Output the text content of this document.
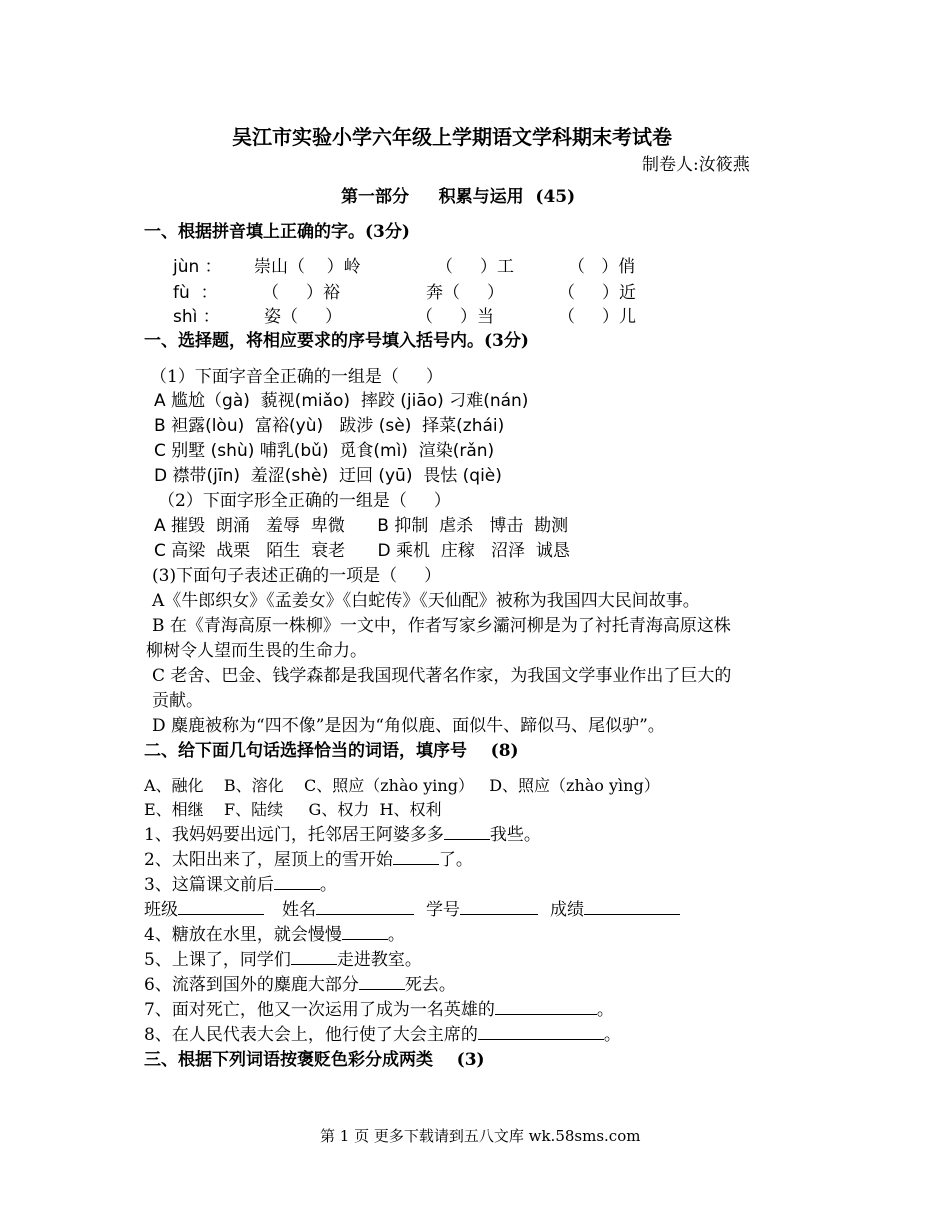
吴江市实验小学六年级上学期语文学科期末考试卷
制卷人:汝筱燕
第一部分     积累与运用  (45)
一、根据拼音填上正确的字。(3分)
jùn ： 崇山（    ）岭	（     ）工	（   ）俏
fù  ：	（     ）裕	奔（     ）	（     ）近
shì ：	姿（     ）	（     ）当	（     ）儿
一、选择题，将相应要求的序号填入括号内。(3分)
（1）下面字音全正确的一组是（     ）
A 尴尬（gà)  藐视(miǎo)  摔跤 (jiāo) 刁难(nán)
B 袒露(lòu)  富裕(yù)   跋涉 (sè)  择菜(zhái)
C 别墅 (shù) 哺乳(bǔ)  觅食(mì)  渲染(rǎn)
D 襟带(jīn)  羞涩(shè)  迂回 (yū)  畏怯 (qiè)
（2）下面字形全正确的一组是（     ）
A 摧毁  朗涌   羞辱  卑微      B 抑制  虐杀   博击  勘测
C 高梁  战栗   陌生  衰老      D 乘机  庄稼   沼泽  诚恳
(3)下面句子表述正确的一项是（     ）
A《牛郎织女》《孟姜女》《白蛇传》《天仙配》被称为我国四大民间故事。
B 在《青海高原一株柳》一文中，作者写家乡灞河柳是为了衬托青海高原这株
柳树令人望而生畏的生命力。
C 老舍、巴金、钱学森都是我国现代著名作家，为我国文学事业作出了巨大的
贡献。
D 麋鹿被称为“四不像”是因为“角似鹿、面似牛、蹄似马、尾似驴”。
二、给下面几句话选择恰当的词语，填序号    (8)
A、融化    B、溶化    C、照应（zhào ying）   D、照应（zhào yìng）
E、相继    F、陆续     G、权力  H、权利
1、我妈妈要出远门，托邻居王阿婆多多	我些。
2、太阳出来了，屋顶上的雪开始	了。
3、这篇课文前后	。
班级	姓名	学号	成绩
4、糖放在水里，就会慢慢	。
5、上课了，同学们	走进教室。
6、流落到国外的麋鹿大部分	死去。
7、面对死亡，他又一次运用了成为一名英雄的	。
8、在人民代表大会上，他行使了大会主席的	。
三、根据下列词语按褒贬色彩分成两类    (3)
第 1 页 更多下载请到五八文库 wk.58sms.com
